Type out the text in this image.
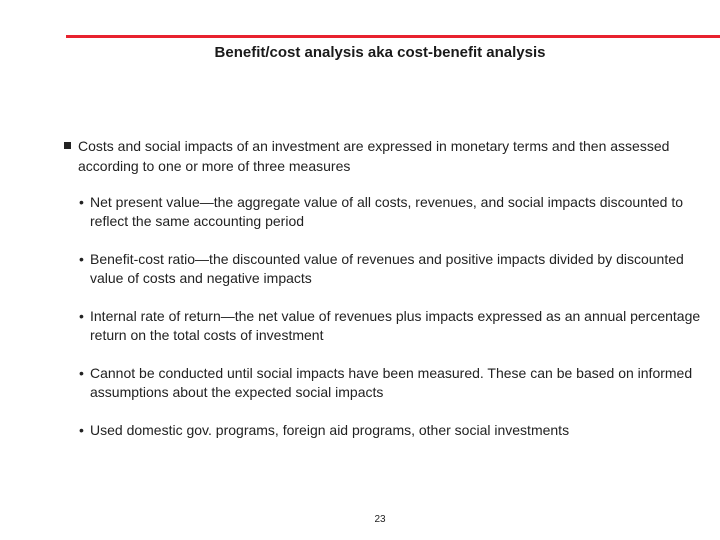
Benefit/cost analysis aka cost-benefit analysis
Costs and social impacts of an investment are expressed in monetary terms and then assessed according to one or more of three measures
• Net present value—the aggregate value of all costs, revenues, and social impacts discounted to reflect the same accounting period
• Benefit-cost ratio—the discounted value of revenues and positive impacts divided by discounted value of costs and negative impacts
• Internal rate of return—the net value of revenues plus impacts expressed as an annual percentage return on the total costs of investment
• Cannot be conducted until social impacts have been measured. These can be based on informed assumptions about the expected social impacts
• Used domestic gov. programs, foreign aid programs, other social investments
23
